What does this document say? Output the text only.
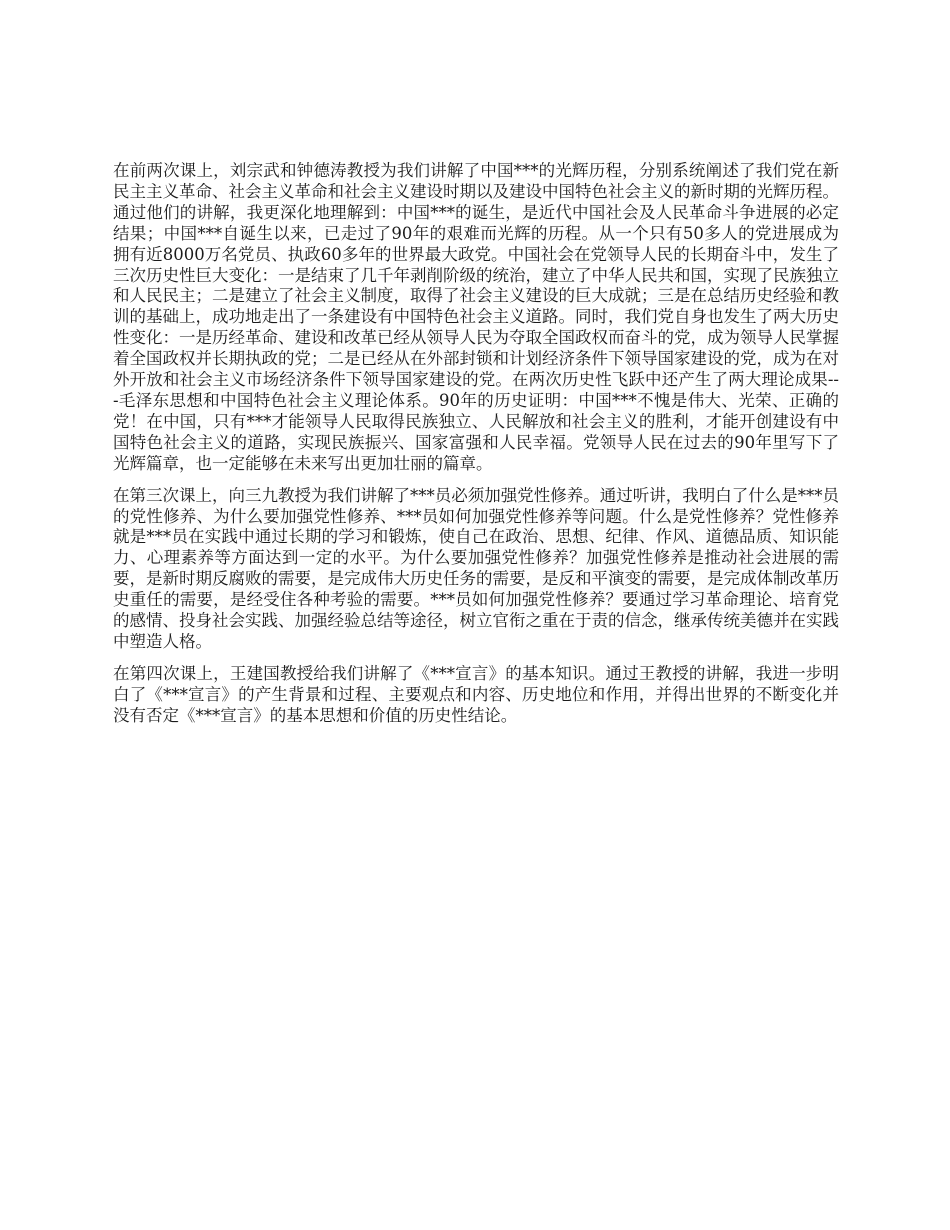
在前两次课上，刘宗武和钟德涛教授为我们讲解了中国***的光辉历程，分别系统阐述了我们党在新民主主义革命、社会主义革命和社会主义建设时期以及建设中国特色社会主义的新时期的光辉历程。通过他们的讲解，我更深化地理解到：中国***的诞生，是近代中国社会及人民革命斗争进展的必定结果；中国***自诞生以来，已走过了90年的艰难而光辉的历程。从一个只有50多人的党进展成为拥有近8000万名党员、执政60多年的世界最大政党。中国社会在党领导人民的长期奋斗中，发生了三次历史性巨大变化：一是结束了几千年剥削阶级的统治，建立了中华人民共和国，实现了民族独立和人民民主；二是建立了社会主义制度，取得了社会主义建设的巨大成就；三是在总结历史经验和教训的基础上，成功地走出了一条建设有中国特色社会主义道路。同时，我们党自身也发生了两大历史性变化：一是历经革命、建设和改革已经从领导人民为夺取全国政权而奋斗的党，成为领导人民掌握着全国政权并长期执政的党；二是已经从在外部封锁和计划经济条件下领导国家建设的党，成为在对外开放和社会主义市场经济条件下领导国家建设的党。在两次历史性飞跃中还产生了两大理论成果---毛泽东思想和中国特色社会主义理论体系。90年的历史证明：中国***不愧是伟大、光荣、正确的党！在中国，只有***才能领导人民取得民族独立、人民解放和社会主义的胜利，才能开创建设有中国特色社会主义的道路，实现民族振兴、国家富强和人民幸福。党领导人民在过去的90年里写下了光辉篇章，也一定能够在未来写出更加壮丽的篇章。

在第三次课上，向三九教授为我们讲解了***员必须加强党性修养。通过听讲，我明白了什么是***员的党性修养、为什么要加强党性修养、***员如何加强党性修养等问题。什么是党性修养？党性修养就是***员在实践中通过长期的学习和锻炼，使自己在政治、思想、纪律、作风、道德品质、知识能力、心理素养等方面达到一定的水平。为什么要加强党性修养？加强党性修养是推动社会进展的需要，是新时期反腐败的需要，是完成伟大历史任务的需要，是反和平演变的需要，是完成体制改革历史重任的需要，是经受住各种考验的需要。***员如何加强党性修养？要通过学习革命理论、培育党的感情、投身社会实践、加强经验总结等途径，树立官衔之重在于责的信念，继承传统美德并在实践中塑造人格。

在第四次课上，王建国教授给我们讲解了《***宣言》的基本知识。通过王教授的讲解，我进一步明白了《***宣言》的产生背景和过程、主要观点和内容、历史地位和作用，并得出世界的不断变化并没有否定《***宣言》的基本思想和价值的历史性结论。
